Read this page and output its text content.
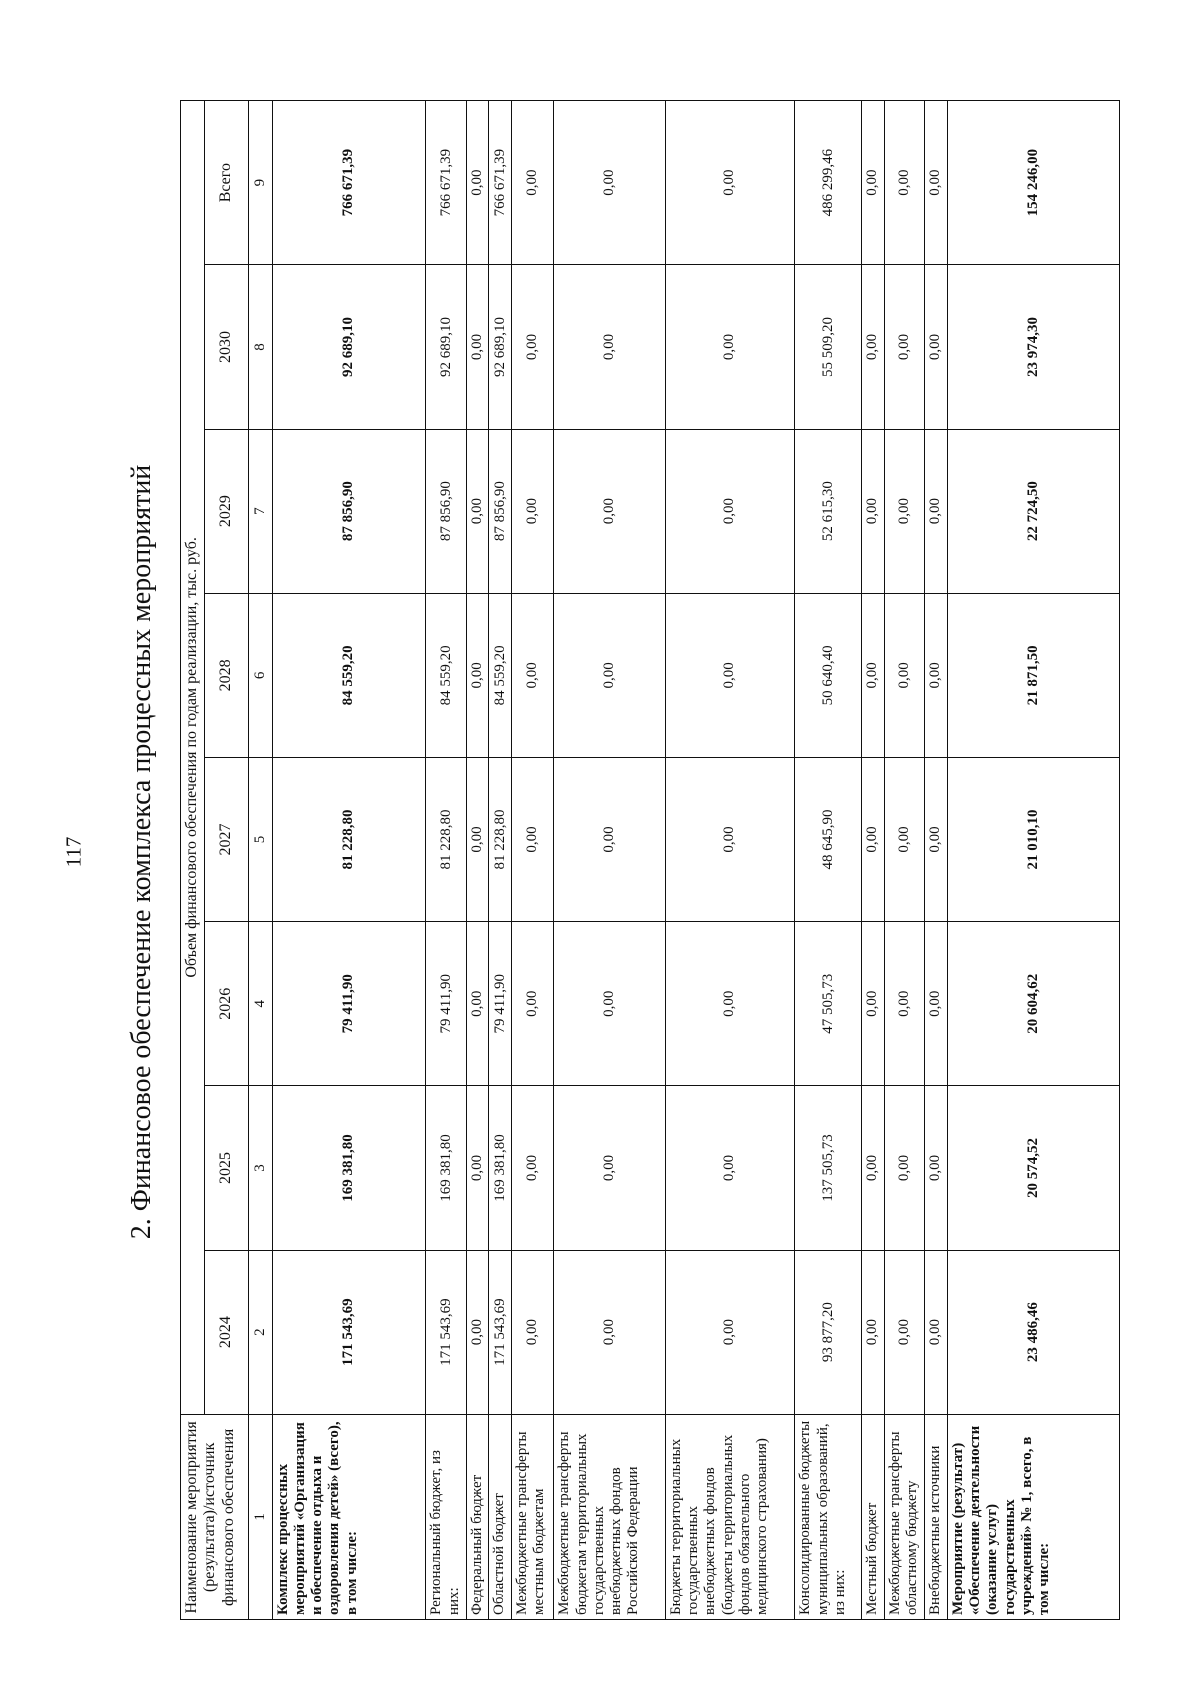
117 2. Финансовое обеспечение комплекса процессных мероприятий
Наименование мероприятия (результата)/источник финансового обеспечения	Объем финансового обеспечения по годам реализации, тыс. руб.							
	2024	2025	2026	2027	2028	2029	2030	Всего
1	2	3	4	5	6	7	8	9
Комплекс процессных мероприятий «Организация и обеспечение отдыха и оздоровления детей» (всего), в том числе:	171 543,69	169 381,80	79 411,90	81 228,80	84 559,20	87 856,90	92 689,10	766 671,39
Региональный бюджет, из них:	171 543,69	169 381,80	79 411,90	81 228,80	84 559,20	87 856,90	92 689,10	766 671,39
Федеральный бюджет	0,00	0,00	0,00	0,00	0,00	0,00	0,00	0,00
Областной бюджет	171 543,69	169 381,80	79 411,90	81 228,80	84 559,20	87 856,90	92 689,10	766 671,39
Межбюджетные трансферты местным бюджетам	0,00	0,00	0,00	0,00	0,00	0,00	0,00	0,00
Межбюджетные трансферты бюджетам территориальных государственных внебюджетных фондов Российской Федерации	0,00	0,00	0,00	0,00	0,00	0,00	0,00	0,00
Бюджеты территориальных государственных внебюджетных фондов (бюджеты территориальных фондов обязательного медицинского страхования)	0,00	0,00	0,00	0,00	0,00	0,00	0,00	0,00
Консолидированные бюджеты муниципальных образований, из них:	93 877,20	137 505,73	47 505,73	48 645,90	50 640,40	52 615,30	55 509,20	486 299,46
Местный бюджет	0,00	0,00	0,00	0,00	0,00	0,00	0,00	0,00
Межбюджетные трансферты областному бюджету	0,00	0,00	0,00	0,00	0,00	0,00	0,00	0,00
Внебюджетные источники	0,00	0,00	0,00	0,00	0,00	0,00	0,00	0,00
Мероприятие (результат) «Обеспечение деятельности (оказание услуг) государственных учреждений» № 1, всего, в том числе:	23 486,46	20 574,52	20 604,62	21 010,10	21 871,50	22 724,50	23 974,30	154 246,00
